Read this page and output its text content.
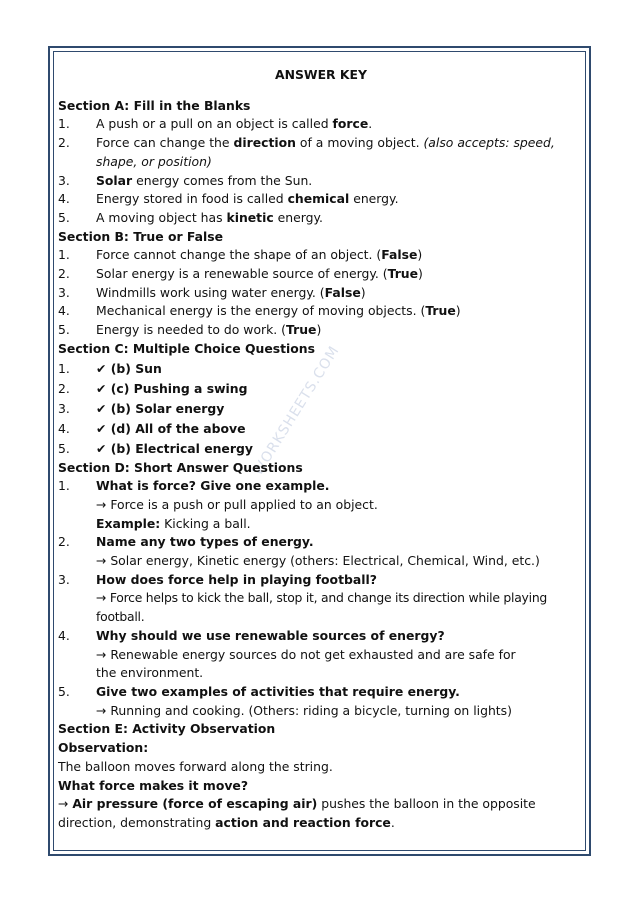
WORKSHEETS.COM
ANSWER KEY
Section A: Fill in the Blanks
1. A push or a pull on an object is called force.
2. Force can change the direction of a moving object. (also accepts: speed, shape, or position)
3. Solar energy comes from the Sun.
4. Energy stored in food is called chemical energy.
5. A moving object has kinetic energy.
Section B: True or False
1. Force cannot change the shape of an object. (False)
2. Solar energy is a renewable source of energy. (True)
3. Windmills work using water energy. (False)
4. Mechanical energy is the energy of moving objects. (True)
5. Energy is needed to do work. (True)
Section C: Multiple Choice Questions
1. ✔ (b) Sun
2. ✔ (c) Pushing a swing
3. ✔ (b) Solar energy
4. ✔ (d) All of the above
5. ✔ (b) Electrical energy
Section D: Short Answer Questions
1. What is force? Give one example.
→ Force is a push or pull applied to an object.
Example: Kicking a ball.
2. Name any two types of energy.
→ Solar energy, Kinetic energy (others: Electrical, Chemical, Wind, etc.)
3. How does force help in playing football?
→ Force helps to kick the ball, stop it, and change its direction while playing football.
4. Why should we use renewable sources of energy?
→ Renewable energy sources do not get exhausted and are safe for the environment.
5. Give two examples of activities that require energy.
→ Running and cooking. (Others: riding a bicycle, turning on lights)
Section E: Activity Observation
Observation:
The balloon moves forward along the string.
What force makes it move?
→ Air pressure (force of escaping air) pushes the balloon in the opposite direction, demonstrating action and reaction force.
